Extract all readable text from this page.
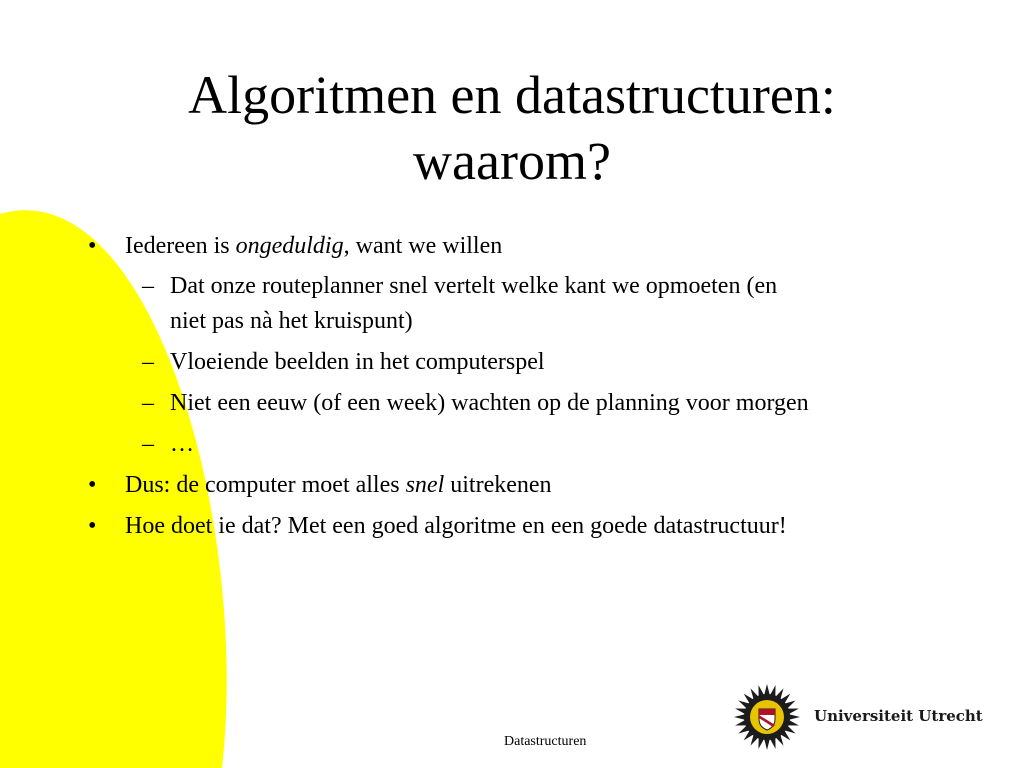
Algoritmen en datastructuren:
waarom?
• Iedereen is ongeduldig, want we willen
– Dat onze routeplanner snel vertelt welke kant we opmoeten (en
niet pas nà het kruispunt)
– Vloeiende beelden in het computerspel
– Niet een eeuw (of een week) wachten op de planning voor morgen
– …
• Dus: de computer moet alles snel uitrekenen
• Hoe doet ie dat? Met een goed algoritme en een goede datastructuur!
Universiteit Utrecht
Datastructuren
